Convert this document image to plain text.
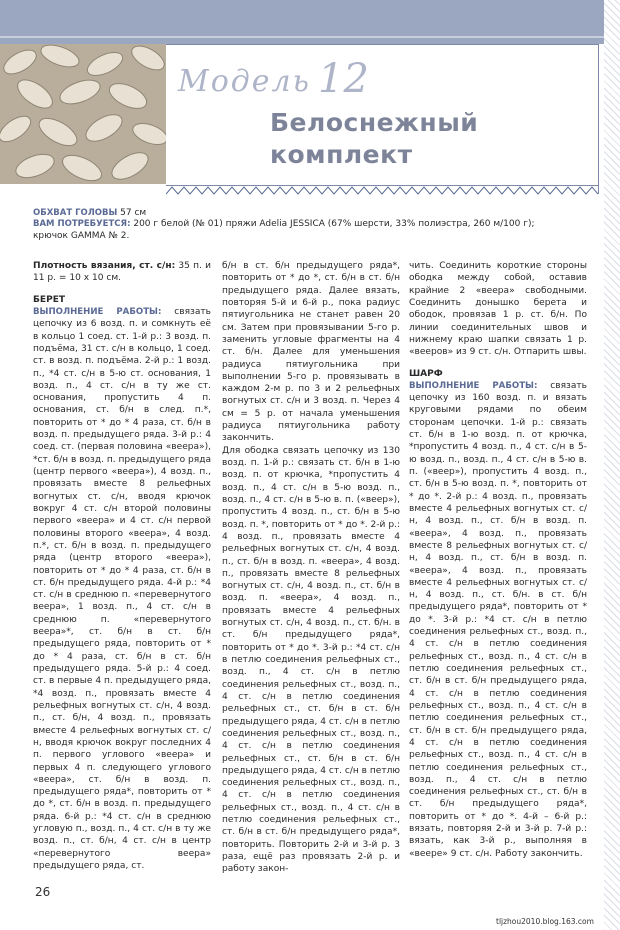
Модель 12
Белоснежный
комплект
ОБХВАТ ГОЛОВЫ 57 см
ВАМ ПОТРЕБУЕТСЯ: 200 г белой (№ 01) пряжи Adelia JESSICA (67% шерсти, 33% полиэстра, 260 м/100 г);
крючок GAMMA № 2.

Плотность вязания, ст. с/н: 35 п. и 11 р. = 10 x 10 см.

БЕРЕТ

ВЫПОЛНЕНИЕ РАБОТЫ: связать цепочку из 6 возд. п. и сомкнуть её в кольцо 1 соед. ст. 1-й р.: 3 возд. п. подъёма, 31 ст. с/н в кольцо, 1 соед. ст. в возд. п. подъёма. 2-й р.: 1 возд. п., *4 ст. с/н в 5-ю ст. основания, 1 возд. п., 4 ст. с/н в ту же ст. основания, пропустить 4 п. основания, ст. б/н в след. п.*, повторить от * до * 4 раза, ст. б/н в возд. п. предыдущего ряда. 3-й р.: 4 соед. ст. (первая половина «веера»), *ст. б/н в возд. п. предыдущего ряда (центр первого «веера»), 4 возд. п., провязать вместе 8 рельефных вогнутых ст. с/н, вводя крючок вокруг 4 ст. с/н второй половины первого «веера» и 4 ст. с/н первой половины второго «веера», 4 возд. п.*, ст. б/н в возд. п. предыдущего ряда (центр второго «веера»), повторить от * до * 4 раза, ст. б/н в ст. б/н предыдущего ряда. 4-й р.: *4 ст. с/н в среднюю п. «перевернутого веера», 1 возд. п., 4 ст. с/н в среднюю п. «перевернутого веера»*, ст. б/н в ст. б/н предыдущего ряда, повторить от * до * 4 раза, ст. б/н в ст. б/н предыдущего ряда. 5-й р.: 4 соед. ст. в первые 4 п. предыдущего ряда, *4 возд. п., провязать вместе 4 рельефных вогнутых ст. с/н, 4 возд. п., ст. б/н, 4 возд. п., провязать вместе 4 рельефных вогнутых ст. с/н, вводя крючок вокруг последних 4 п. первого углового «веера» и первых 4 п. следующего углового «веера», ст. б/н в возд. п. предыдущего ряда*, повторить от * до *, ст. б/н в возд. п. предыдущего ряда. 6-й р.: *4 ст. с/н в среднюю угловую п., возд. п., 4 ст. с/н в ту же возд. п., ст. б/н, 4 ст. с/н в центр «перевернутого веера» предыдущего ряда, ст.

б/н в ст. б/н предыдущего ряда*, повторить от * до *, ст. б/н в ст. б/н предыдущего ряда. Далее вязать, повторяя 5-й и 6-й р., пока радиус пятиугольника не станет равен 20 см. Затем при провязывании 5-го р. заменить угловые фрагменты на 4 ст. б/н. Далее для уменьшения радиуса пятиугольника при выполнении 5-го р. провязывать в каждом 2-м р. по 3 и 2 рельефных вогнутых ст. с/н и 3 возд. п. Через 4 см = 5 р. от начала уменьшения радиуса пятиугольника работу закончить.

Для ободка связать цепочку из 130 возд. п. 1-й р.: связать ст. б/н в 1-ю возд. п. от крючка, *пропустить 4 возд. п., 4 ст. с/н в 5-ю возд. п., возд. п., 4 ст. с/н в 5-ю в. п. («веер»), пропустить 4 возд. п., ст. б/н в 5-ю возд. п. *, повторить от * до *. 2-й р.: 4 возд. п., провязать вместе 4 рельефных вогнутых ст. с/н, 4 возд. п., ст. б/н в возд. п. «веера», 4 возд. п., провязать вместе 8 рельефных вогнутых ст. с/н, 4 возд. п., ст. б/н в возд. п. «веера», 4 возд. п., провязать вместе 4 рельефных вогнутых ст. с/н, 4 возд. п., ст. б/н. в ст. б/н предыдущего ряда*, повторить от * до *. 3-й р.: *4 ст. с/н в петлю соединения рельефных ст., возд. п., 4 ст. с/н в петлю соединения рельефных ст., возд. п., 4 ст. с/н в петлю соединения рельефных ст., ст. б/н в ст. б/н предыдущего ряда, 4 ст. с/н в петлю соединения рельефных ст., возд. п., 4 ст. с/н в петлю соединения рельефных ст., ст. б/н в ст. б/н предыдущего ряда, 4 ст. с/н в петлю соединения рельефных ст., возд. п., 4 ст. с/н в петлю соединения рельефных ст., возд. п., 4 ст. с/н в петлю соединения рельефных ст., ст. б/н в ст. б/н предыдущего ряда*, повторить. Повторить 2-й и 3-й р. 3 раза, ещё раз провязать 2-й р. и работу закон-

чить. Соединить короткие стороны ободка между собой, оставив крайние 2 «веера» свободными. Соединить донышко берета и ободок, провязав 1 р. ст. б/н. По линии соединительных швов и нижнему краю шапки связать 1 р. «вееров» из 9 ст. с/н. Отпарить швы.

ШАРФ

ВЫПОЛНЕНИЕ РАБОТЫ: связать цепочку из 160 возд. п. и вязать круговыми рядами по обеим сторонам цепочки. 1-й р.: связать ст. б/н в 1-ю возд. п. от крючка, *пропустить 4 возд. п., 4 ст. с/н в 5-ю возд. п., возд. п., 4 ст. с/н в 5-ю в. п. («веер»), пропустить 4 возд. п., ст. б/н в 5-ю возд. п. *, повторить от * до *. 2-й р.: 4 возд. п., провязать вместе 4 рельефных вогнутых ст. с/н, 4 возд. п., ст. б/н в возд. п. «веера», 4 возд. п., провязать вместе 8 рельефных вогнутых ст. с/н, 4 возд. п., ст. б/н в возд. п. «веера», 4 возд. п., провязать вместе 4 рельефных вогнутых ст. с/н, 4 возд. п., ст. б/н. в ст. б/н предыдущего ряда*, повторить от * до *. 3-й р.: *4 ст. с/н в петлю соединения рельефных ст., возд. п., 4 ст. с/н в петлю соединения рельефных ст., возд. п., 4 ст. с/н в петлю соединения рельефных ст., ст. б/н в ст. б/н предыдущего ряда, 4 ст. с/н в петлю соединения рельефных ст., возд. п., 4 ст. с/н в петлю соединения рельефных ст., ст. б/н в ст. б/н предыдущего ряда, 4 ст. с/н в петлю соединения рельефных ст., возд. п., 4 ст. с/н в петлю соединения рельефных ст., возд. п., 4 ст. с/н в петлю соединения рельефных ст., ст. б/н в ст. б/н предыдущего ряда*, повторить от * до *. 4-й – 6-й р.: вязать, повторяя 2-й и 3-й р. 7-й р.: вязать, как 3-й р., выполняя в «веере» 9 ст. с/н. Работу закончить.

26
tljzhou2010.blog.163.com
